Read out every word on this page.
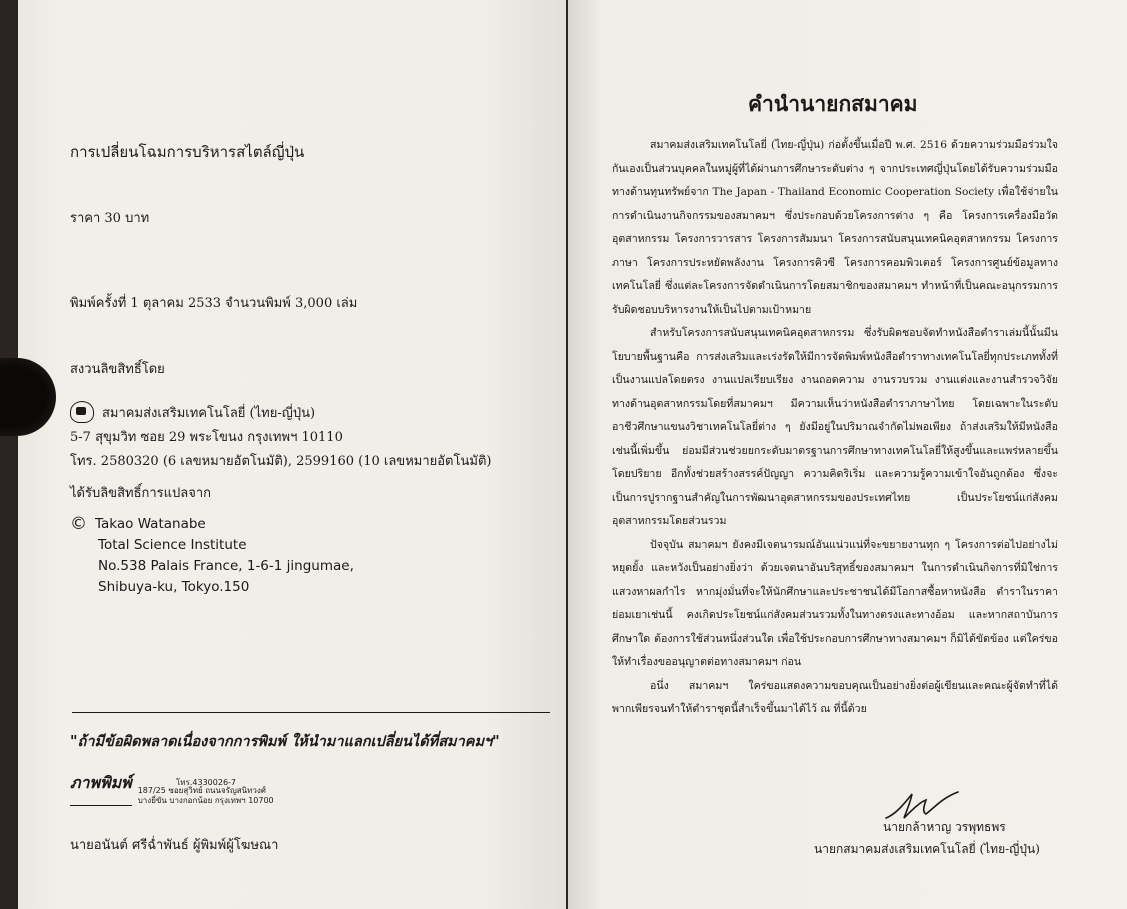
การเปลี่ยนโฉมการบริหารสไตล์ญี่ปุ่น
ราคา 30 บาท
พิมพ์ครั้งที่ 1 ตุลาคม 2533 จำนวนพิมพ์ 3,000 เล่ม
สงวนลิขสิทธิ์โดย
สมาคมส่งเสริมเทคโนโลยี่ (ไทย-ญี่ปุ่น)
5-7 สุขุมวิท ซอย 29 พระโขนง กรุงเทพฯ 10110
โทร. 2580320 (6 เลขหมายอัตโนมัติ), 2599160 (10 เลขหมายอัตโนมัติ)
ได้รับลิขสิทธิ์การแปลจาก
© Takao Watanabe
Total Science Institute
No.538 Palais France, 1-6-1 jingumae,
Shibuya-ku, Tokyo.150
"ถ้ามีข้อผิดพลาดเนื่องจากการพิมพ์ ให้นำมาแลกเปลี่ยนได้ที่สมาคมฯ"
ภาพพิมพ์ 187/25 ซอยสุวิทย์ ถนนจรัญสนิทวงศ์
บางยี่ขัน บางกอกน้อย กรุงเทพฯ 10700
โทร.4330026-7
นายอนันต์ ศรีฉ่ำพันธ์ ผู้พิมพ์ผู้โฆษณา
คำนำนายกสมาคม

สมาคมส่งเสริมเทคโนโลยี่ (ไทย-ญี่ปุ่น) ก่อตั้งขึ้นเมื่อปี พ.ศ. 2516 ด้วยความร่วมมือร่วมใจกันเองเป็นส่วนบุคคลในหมู่ผู้ที่ได้ผ่านการศึกษาระดับต่าง ๆ จากประเทศญี่ปุ่นโดยได้รับความร่วมมือทางด้านทุนทรัพย์จาก The Japan - Thailand Economic Cooperation Society เพื่อใช้จ่ายในการดำเนินงานกิจกรรมของสมาคมฯ ซึ่งประกอบด้วยโครงการต่าง ๆ คือ โครงการเครื่องมือวัดอุตสาหกรรม โครงการวารสาร โครงการสัมมนา โครงการสนับสนุนเทคนิคอุตสาหกรรม โครงการภาษา โครงการประหยัดพลังงาน โครงการคิวซี โครงการคอมพิวเตอร์ โครงการศูนย์ข้อมูลทางเทคโนโลยี่ ซึ่งแต่ละโครงการจัดดำเนินการโดยสมาชิกของสมาคมฯ ทำหน้าที่เป็นคณะอนุกรรมการรับผิดชอบบริหารงานให้เป็นไปตามเป้าหมาย

สำหรับโครงการสนับสนุนเทคนิคอุตสาหกรรม ซึ่งรับผิดชอบจัดทำหนังสือตำราเล่มนี้นั้นมีนโยบายพื้นฐานคือ การส่งเสริมและเร่งรัดให้มีการจัดพิมพ์หนังสือตำราทางเทคโนโลยี่ทุกประเภททั้งที่เป็นงานแปลโดยตรง งานแปลเรียบเรียง งานถอดความ งานรวบรวม งานแต่งและงานสำรวจวิจัยทางด้านอุตสาหกรรมโดยที่สมาคมฯ มีความเห็นว่าหนังสือตำราภาษาไทย โดยเฉพาะในระดับอาชีวศึกษาแขนงวิชาเทคโนโลยี่ต่าง ๆ ยังมีอยู่ในปริมาณจำกัดไม่พอเพียง ถ้าส่งเสริมให้มีหนังสือเช่นนี้เพิ่มขึ้น ย่อมมีส่วนช่วยยกระดับมาตรฐานการศึกษาทางเทคโนโลยี่ให้สูงขึ้นและแพร่หลายขึ้นโดยปริยาย อีกทั้งช่วยสร้างสรรค์ปัญญา ความคิดริเริ่ม และความรู้ความเข้าใจอันถูกต้อง ซึ่งจะเป็นการปูรากฐานสำคัญในการพัฒนาอุตสาหกรรมของประเทศไทย เป็นประโยชน์แก่สังคมอุตสาหกรรมโดยส่วนรวม

ปัจจุบัน สมาคมฯ ยังคงมีเจตนารมณ์อันแน่วแน่ที่จะขยายงานทุก ๆ โครงการต่อไปอย่างไม่หยุดยั้ง และหวังเป็นอย่างยิ่งว่า ด้วยเจตนาอันบริสุทธิ์ของสมาคมฯ ในการดำเนินกิจการที่มิใช่การแสวงหาผลกำไร หากมุ่งมั่นที่จะให้นักศึกษาและประชาชนได้มีโอกาสซื้อหาหนังสือ ตำราในราคาย่อมเยาเช่นนี้ คงเกิดประโยชน์แก่สังคมส่วนรวมทั้งในทางตรงและทางอ้อม และหากสถาบันการศึกษาใด ต้องการใช้ส่วนหนึ่งส่วนใด เพื่อใช้ประกอบการศึกษาทางสมาคมฯ ก็มิได้ขัดข้อง แต่ใคร่ขอให้ทำเรื่องขออนุญาตต่อทางสมาคมฯ ก่อน

อนึ่ง สมาคมฯ ใคร่ขอแสดงความขอบคุณเป็นอย่างยิ่งต่อผู้เขียนและคณะผู้จัดทำที่ได้พากเพียรจนทำให้ตำราชุดนี้สำเร็จขึ้นมาได้ไว้ ณ ที่นี้ด้วย

นายกล้าหาญ วรพุทธพร
นายกสมาคมส่งเสริมเทคโนโลยี่ (ไทย-ญี่ปุ่น)
